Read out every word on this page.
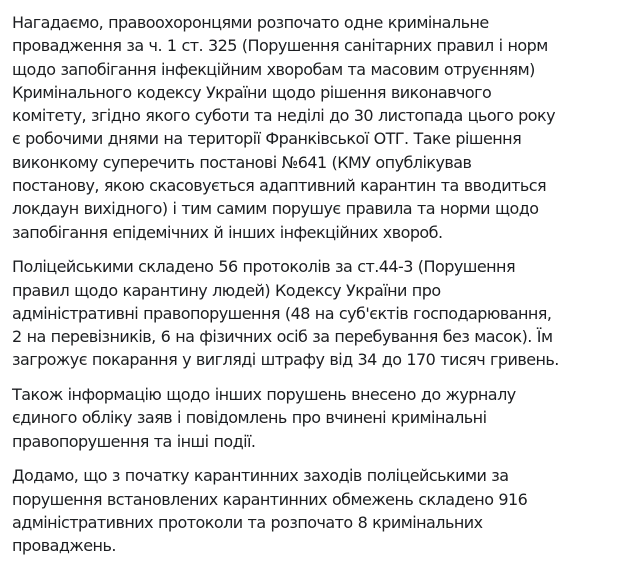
Нагадаємо, правоохоронцями розпочато одне кримінальне
провадження за ч. 1 ст. 325 (Порушення санітарних правил і норм
щодо запобігання інфекційним хворобам та масовим отруєнням)
Кримінального кодексу України щодо рішення виконавчого
комітету, згідно якого суботи та неділі до 30 листопада цього року
є робочими днями на території Франківської ОТГ. Таке рішення
виконкому суперечить постанові №641 (КМУ опублікував
постанову, якою скасовується адаптивний карантин та вводиться
локдаун вихідного) і тим самим порушує правила та норми щодо
запобігання епідемічних й інших інфекційних хвороб.
Поліцейськими складено 56 протоколів за ст.44-3 (Порушення
правил щодо карантину людей) Кодексу України про
адміністративні правопорушення (48 на суб'єктів господарювання,
2 на перевізників, 6 на фізичних осіб за перебування без масок). Їм
загрожує покарання у вигляді штрафу від 34 до 170 тисяч гривень.
Також інформацію щодо інших порушень внесено до журналу
єдиного обліку заяв і повідомлень про вчинені кримінальні
правопорушення та інші події.
Додамо, що з початку карантинних заходів поліцейськими за
порушення встановлених карантинних обмежень складено 916
адміністративних протоколи та розпочато 8 кримінальних
проваджень.
